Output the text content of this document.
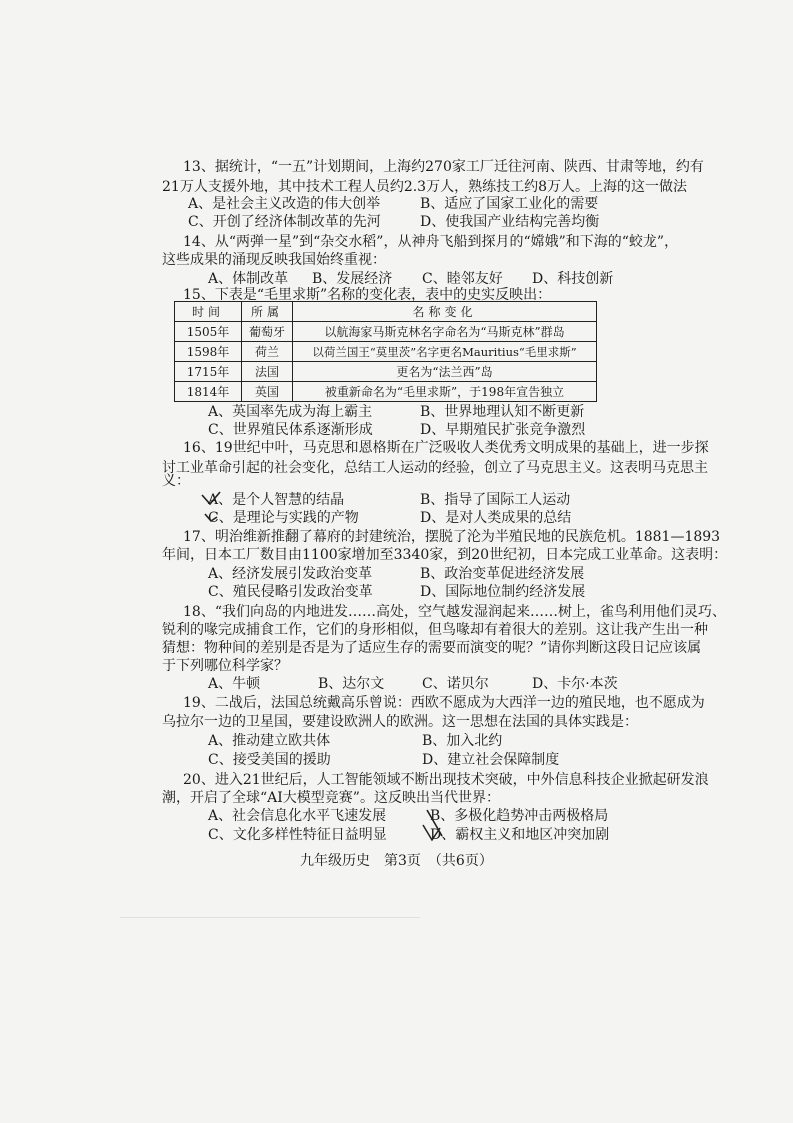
13、据统计，“一五”计划期间，上海约270家工厂迁往河南、陕西、甘肃等地，约有
21万人支援外地，其中技术工程人员约2.3万人，熟练技工约8万人。上海的这一做法
A、是社会主义改造的伟大创举	B、适应了国家工业化的需要
C、开创了经济体制改革的先河	D、使我国产业结构完善均衡
14、从“两弹一星”到“杂交水稻”，从神舟飞船到探月的“嫦娥”和下海的“蛟龙”，
这些成果的涌现反映我国始终重视：
A、体制改革 B、发展经济 C、睦邻友好 D、科技创新
15、下表是“毛里求斯”名称的变化表，表中的史实反映出：
时间	所属	名称变化
1505年	葡萄牙	以航海家马斯克林名字命名为“马斯克林”群岛
1598年	荷兰	以荷兰国王“莫里茨”名字更名Mauritius“毛里求斯”
1715年	法国	更名为“法兰西”岛
1814年	英国	被重新命名为“毛里求斯”，于198年宣告独立
A、英国率先成为海上霸主	B、世界地理认知不断更新
C、世界殖民体系逐渐形成	D、早期殖民扩张竞争激烈
16、19世纪中叶，马克思和恩格斯在广泛吸收人类优秀文明成果的基础上，进一步探
讨工业革命引起的社会变化，总结工人运动的经验，创立了马克思主义。这表明马克思主
义：
A、是个人智慧的结晶	B、指导了国际工人运动
C、是理论与实践的产物	D、是对人类成果的总结
17、明治维新推翻了幕府的封建统治，摆脱了沦为半殖民地的民族危机。1881—1893
年间，日本工厂数目由1100家增加至3340家，到20世纪初，日本完成工业革命。这表明：
A、经济发展引发政治变革	B、政治变革促进经济发展
C、殖民侵略引发政治变革	D、国际地位制约经济发展
18、“我们向岛的内地进发……高处，空气越发湿润起来……树上，雀鸟利用他们灵巧、
锐利的喙完成捕食工作，它们的身形相似，但鸟喙却有着很大的差别。这让我产生出一种
猜想：物种间的差别是否是为了适应生存的需要而演变的呢？”请你判断这段日记应该属
于下列哪位科学家？
A、牛顿	B、达尔文	C、诺贝尔	D、卡尔·本茨
19、二战后，法国总统戴高乐曾说：西欧不愿成为大西洋一边的殖民地，也不愿成为
乌拉尔一边的卫星国，要建设欧洲人的欧洲。这一思想在法国的具体实践是：
A、推动建立欧共体	B、加入北约
C、接受美国的援助	D、建立社会保障制度
20、进入21世纪后，人工智能领域不断出现技术突破，中外信息科技企业掀起研发浪
潮，开启了全球“AI大模型竞赛”。这反映出当代世界：
A、社会信息化水平飞速发展	B、多极化趋势冲击两极格局
C、文化多样性特征日益明显	D、霸权主义和地区冲突加剧
九年级历史　第3页　（共6页）
